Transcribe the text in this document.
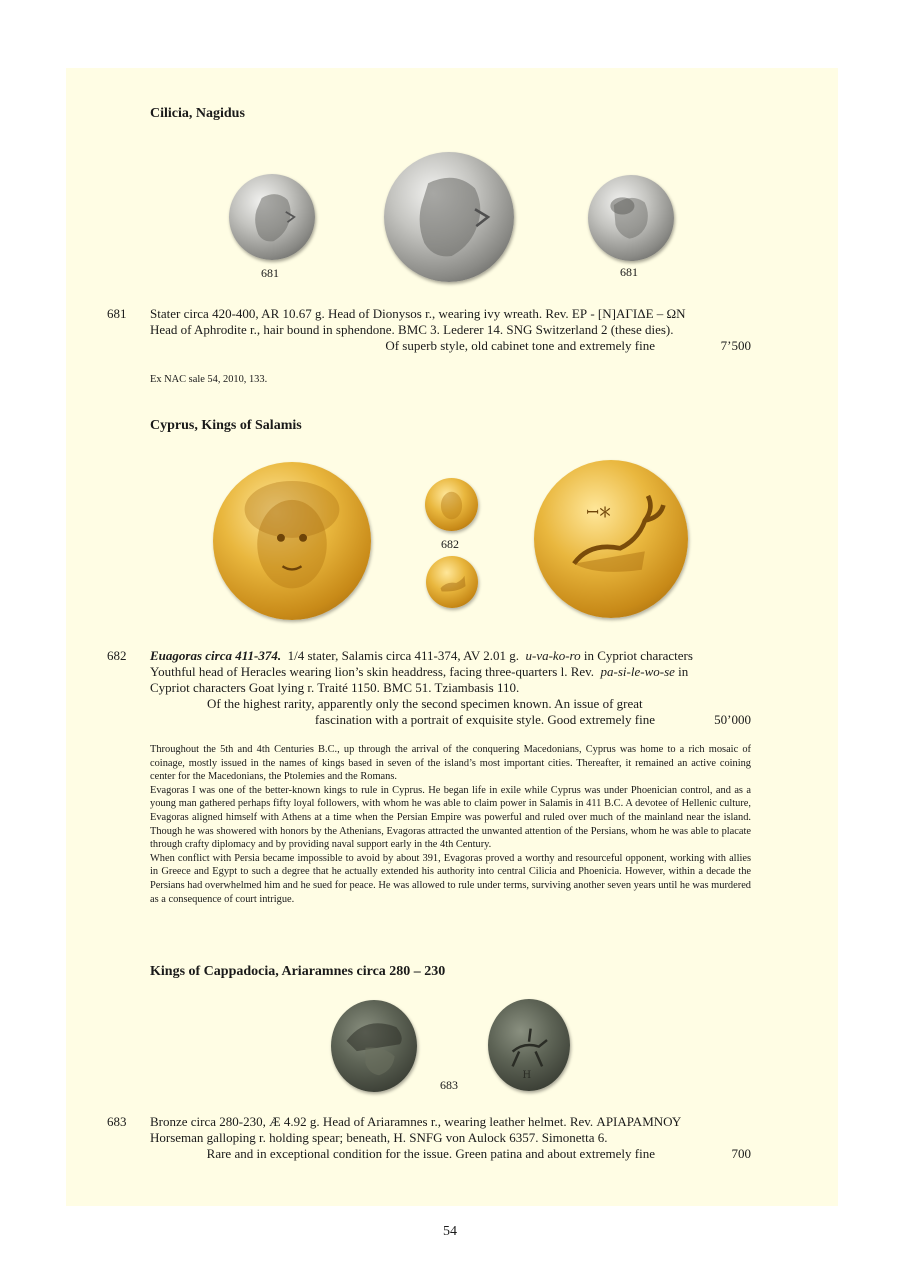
Cilicia, Nagidus
681	681
681 Stater circa 420-400, AR 10.67 g. Head of Dionysos r., wearing ivy wreath. Rev. ΕΡ - [Ν]ΑΓΙΔΕ – ΩΝ
Head of Aphrodite r., hair bound in sphendone. BMC 3. Lederer 14. SNG Switzerland 2 (these dies).
Of superb style, old cabinet tone and extremely fine	7’500
Ex NAC sale 54, 2010, 133.
Cyprus, Kings of Salamis
682
ꟷ𐠀
682 Euagoras circa 411-374. 1/4 stater, Salamis circa 411-374, AV 2.01 g. u-va-ko-ro in Cypriot characters
Youthful head of Heracles wearing lion’s skin headdress, facing three-quarters l. Rev. pa-si-le-wo-se in
Cypriot characters Goat lying r. Traité 1150. BMC 51. Tziambasis 110.
Of the highest rarity, apparently only the second specimen known. An issue of great
fascination with a portrait of exquisite style. Good extremely fine	50’000
Throughout the 5th and 4th Centuries B.C., up through the arrival of the conquering Macedonians, Cyprus was home to a rich mosaic of coinage, mostly issued in the names of kings based in seven of the island’s most important cities. Thereafter, it remained an active coining center for the Macedonians, the Ptolemies and the Romans.
Evagoras I was one of the better-known kings to rule in Cyprus. He began life in exile while Cyprus was under Phoenician control, and as a young man gathered perhaps fifty loyal followers, with whom he was able to claim power in Salamis in 411 B.C. A devotee of Hellenic culture, Evagoras aligned himself with Athens at a time when the Persian Empire was powerful and ruled over much of the mainland near the island. Though he was showered with honors by the Athenians, Evagoras attracted the unwanted attention of the Persians, whom he was able to placate through crafty diplomacy and by providing naval support early in the 4th Century.
When conflict with Persia became impossible to avoid by about 391, Evagoras proved a worthy and resourceful opponent, working with allies in Greece and Egypt to such a degree that he actually extended his authority into central Cilicia and Phoenicia. However, within a decade the Persians had overwhelmed him and he sued for peace. He was allowed to rule under terms, surviving another seven years until he was murdered as a consequence of court intrigue.
Kings of Cappadocia, Ariaramnes circa 280 – 230
Η
683
683 Bronze circa 280-230, Æ 4.92 g. Head of Ariaramnes r., wearing leather helmet. Rev. ΑΡΙΑΡΑΜΝΟΥ
Horseman galloping r. holding spear; beneath, H. SNFG von Aulock 6357. Simonetta 6.
Rare and in exceptional condition for the issue. Green patina and about extremely fine	700
54
